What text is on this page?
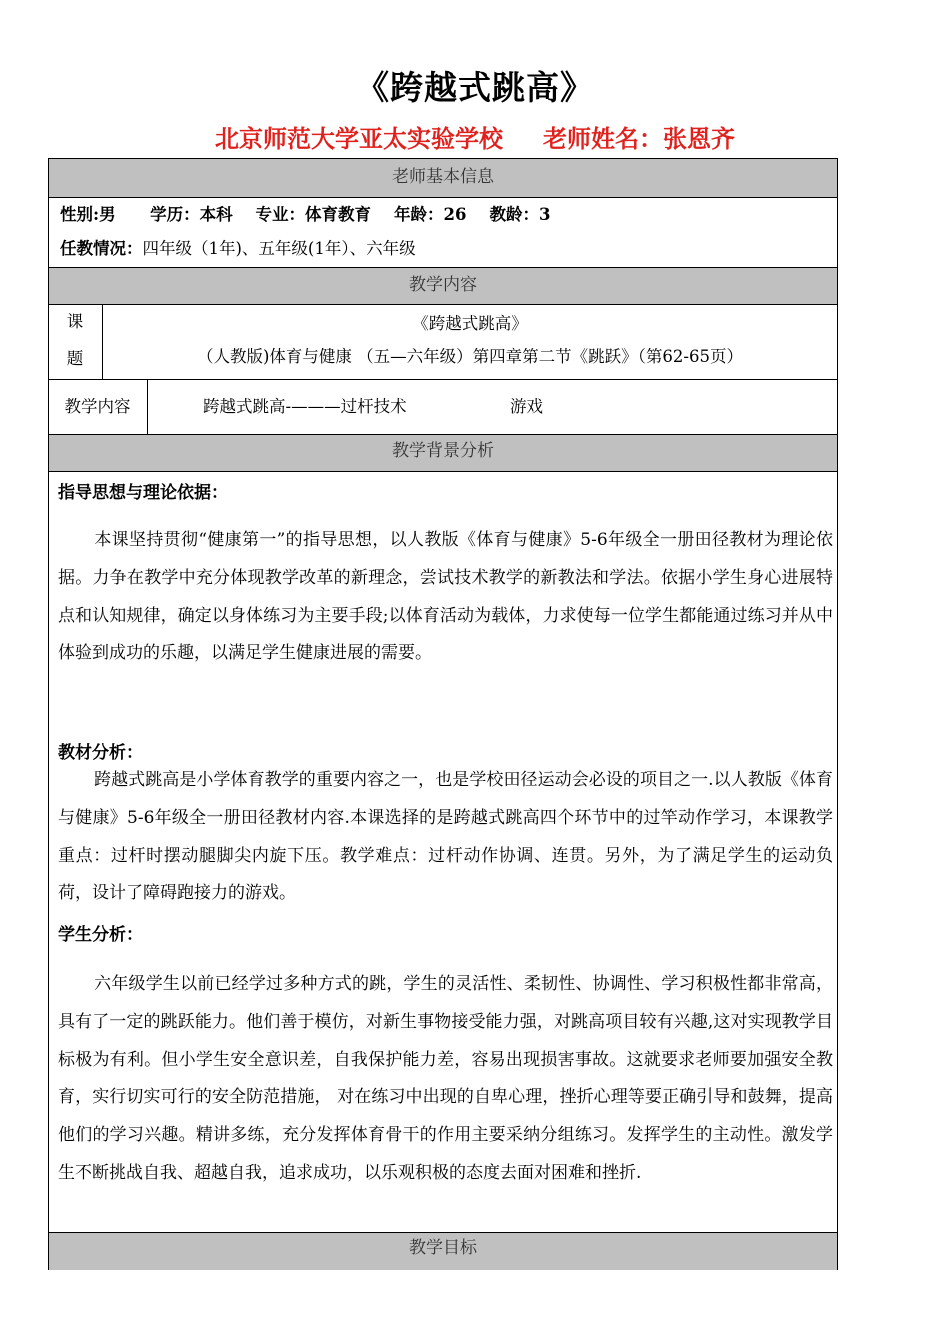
《跨越式跳高》
北京师范大学亚太实验学校 老师姓名：张恩齐
老师基本信息
性别:男 学历：本科 专业：体育教育 年龄：26 教龄：3
任教情况：四年级（1年)、五年级(1年）、六年级
教学内容
课
题
《跨越式跳高》
（人教版)体育与健康 （五—六年级）第四章第二节《跳跃》（第62-65页）
教学内容	跨越式跳高-———过杆技术	游戏
教学背景分析
指导思想与理论依据：
本课坚持贯彻“健康第一”的指导思想，以人教版《体育与健康》5-6年级全一册田径教材为理论依据。力争在教学中充分体现教学改革的新理念，尝试技术教学的新教法和学法。依据小学生身心进展特点和认知规律，确定以身体练习为主要手段;以体育活动为载体，力求使每一位学生都能通过练习并从中体验到成功的乐趣，以满足学生健康进展的需要。
教材分析：
跨越式跳高是小学体育教学的重要内容之一，也是学校田径运动会必设的项目之一.以人教版《体育与健康》5-6年级全一册田径教材内容.本课选择的是跨越式跳高四个环节中的过竿动作学习，本课教学重点：过杆时摆动腿脚尖内旋下压。教学难点：过杆动作协调、连贯。另外，为了满足学生的运动负荷，设计了障碍跑接力的游戏。
学生分析：
六年级学生以前已经学过多种方式的跳，学生的灵活性、柔韧性、协调性、学习积极性都非常高，具有了一定的跳跃能力。他们善于模仿，对新生事物接受能力强，对跳高项目较有兴趣,这对实现教学目标极为有利。但小学生安全意识差，自我保护能力差，容易出现损害事故。这就要求老师要加强安全教育，实行切实可行的安全防范措施， 对在练习中出现的自卑心理，挫折心理等要正确引导和鼓舞，提高他们的学习兴趣。精讲多练，充分发挥体育骨干的作用主要采纳分组练习。发挥学生的主动性。激发学生不断挑战自我、超越自我，追求成功，以乐观积极的态度去面对困难和挫折.
教学目标
